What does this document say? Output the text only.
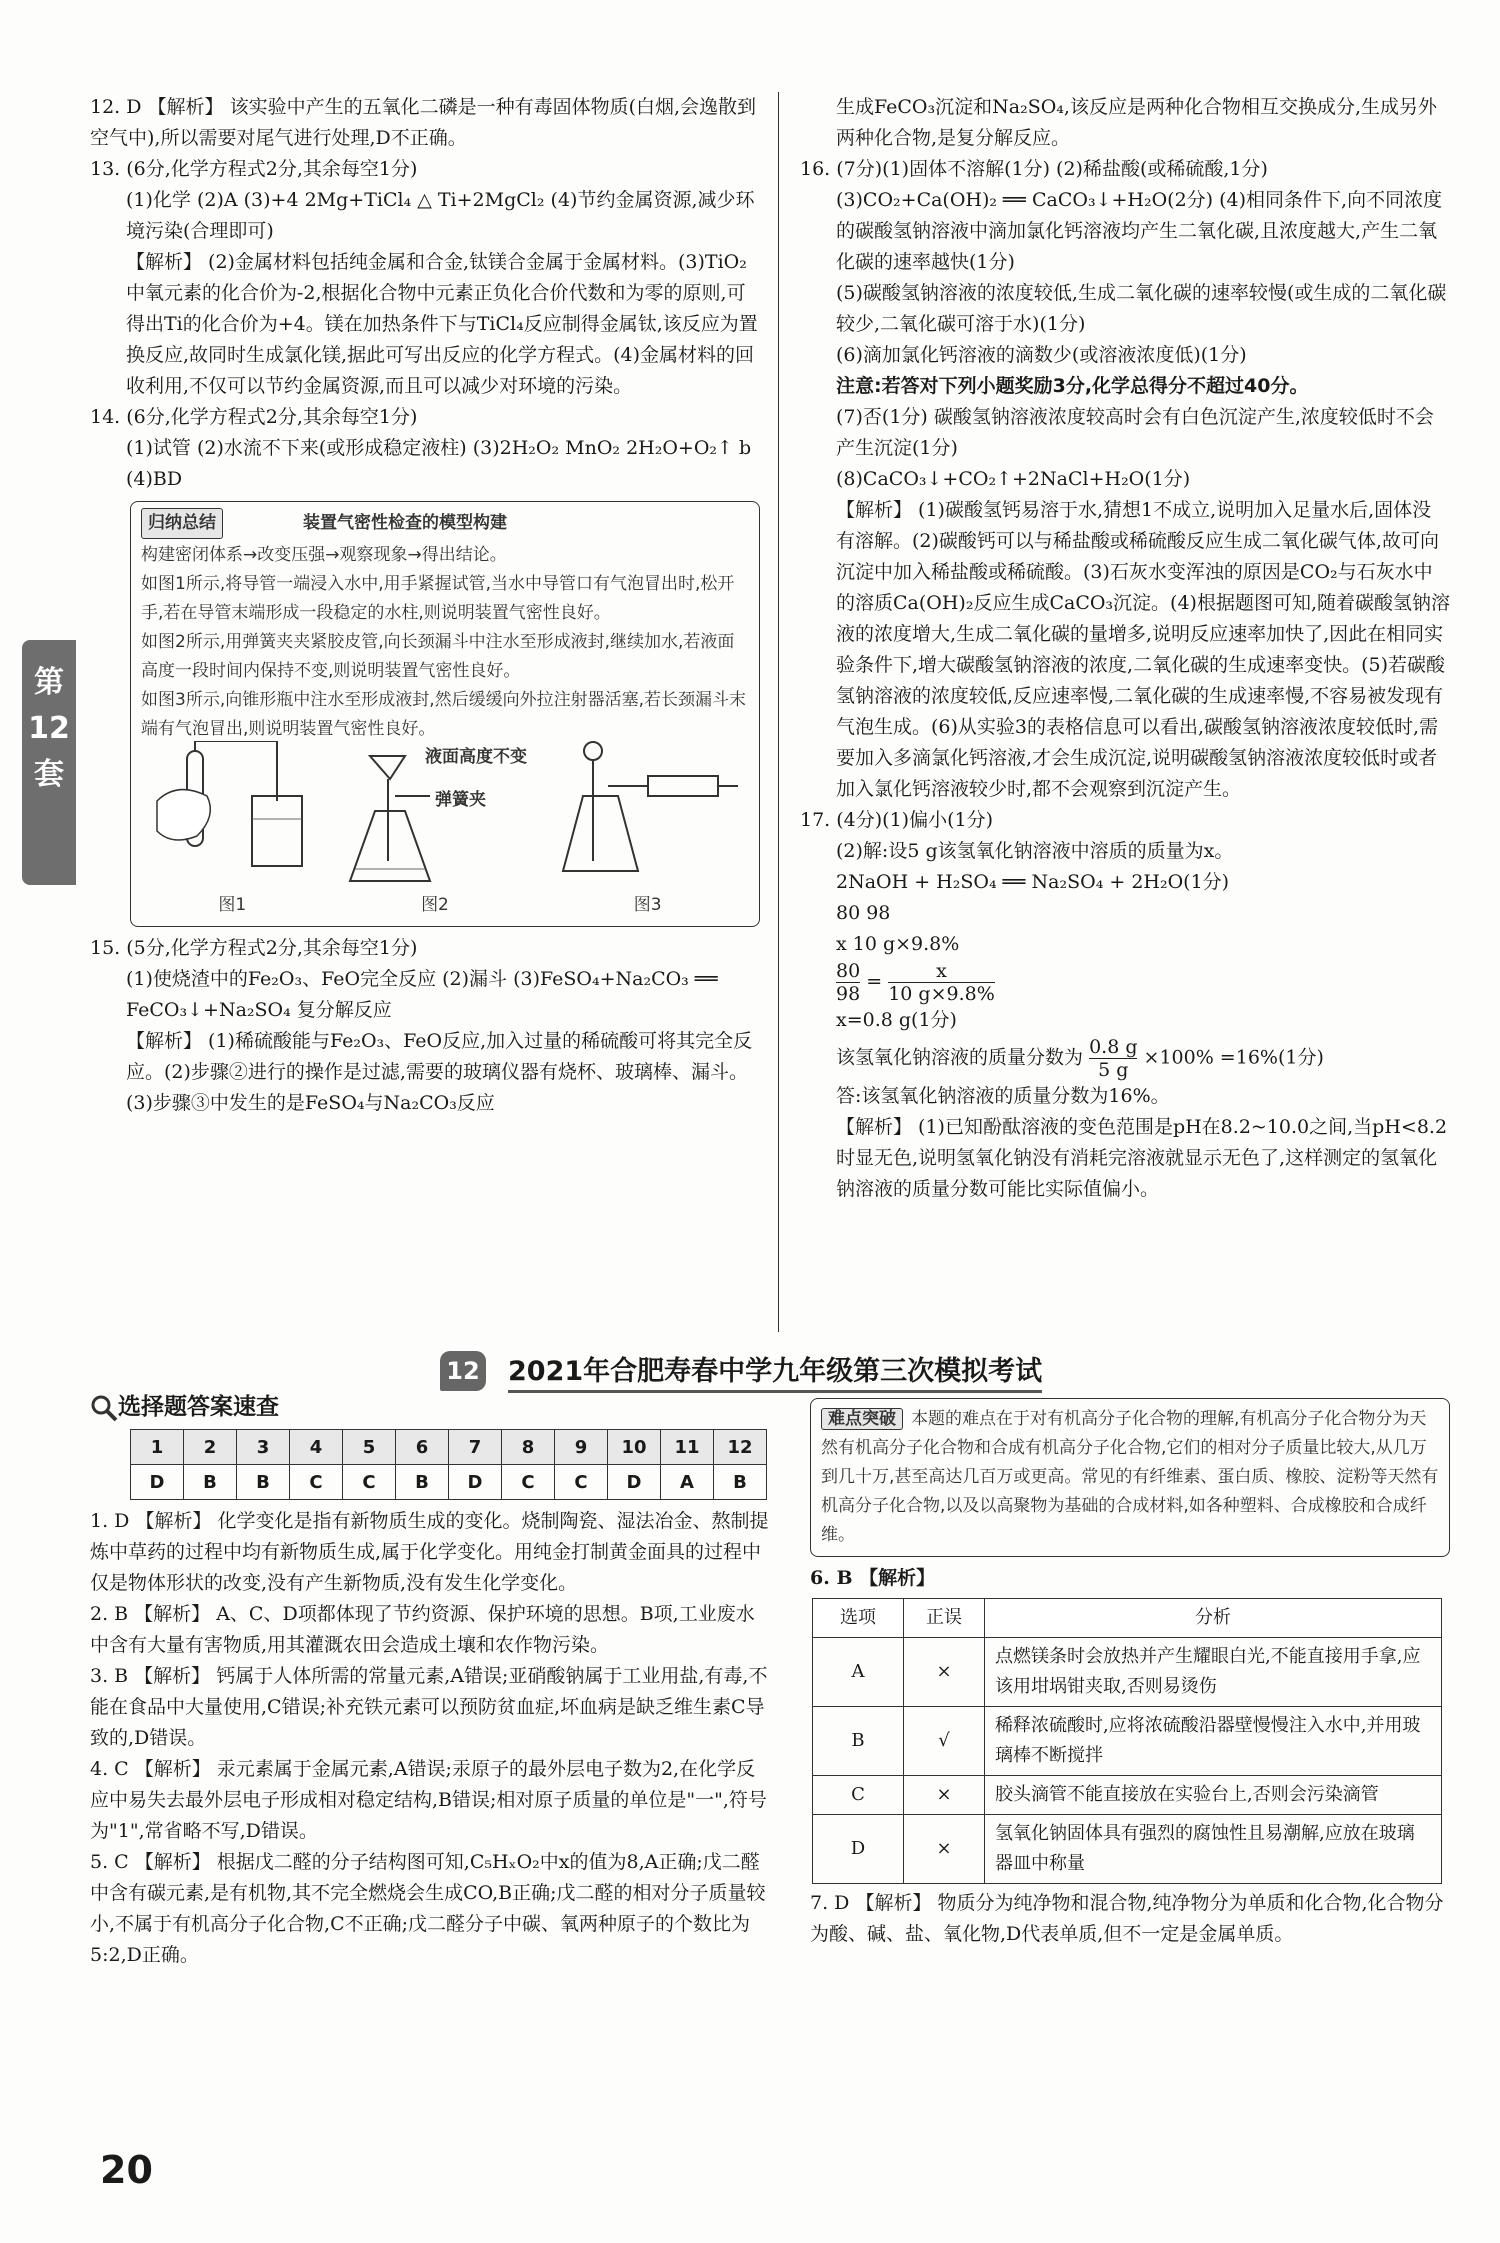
第
12
套

12. D 【解析】 该实验中产生的五氧化二磷是一种有毒固体物质(白烟,会逸散到空气中),所以需要对尾气进行处理,D不正确。

13. (6分,化学方程式2分,其余每空1分)

(1)化学 (2)A (3)+4 2Mg+TiCl₄ △ Ti+2MgCl₂ (4)节约金属资源,减少环境污染(合理即可)

【解析】 (2)金属材料包括纯金属和合金,钛镁合金属于金属材料。(3)TiO₂中氧元素的化合价为-2,根据化合物中元素正负化合价代数和为零的原则,可得出Ti的化合价为+4。镁在加热条件下与TiCl₄反应制得金属钛,该反应为置换反应,故同时生成氯化镁,据此可写出反应的化学方程式。(4)金属材料的回收利用,不仅可以节约金属资源,而且可以减少对环境的污染。

14. (6分,化学方程式2分,其余每空1分)

(1)试管 (2)水流不下来(或形成稳定液柱) (3)2H₂O₂ MnO₂ 2H₂O+O₂↑ b (4)BD

归纳总结	装置气密性检查的模型构建
构建密闭体系→改变压强→观察现象→得出结论。
如图1所示,将导管一端浸入水中,用手紧握试管,当水中导管口有气泡冒出时,松开手,若在导管末端形成一段稳定的水柱,则说明装置气密性良好。
如图2所示,用弹簧夹夹紧胶皮管,向长颈漏斗中注水至形成液封,继续加水,若液面高度一段时间内保持不变,则说明装置气密性良好。
如图3所示,向锥形瓶中注水至形成液封,然后缓缓向外拉注射器活塞,若长颈漏斗末端有气泡冒出,则说明装置气密性良好。
图1
液面高度不变
弹簧夹
图2	图3

15. (5分,化学方程式2分,其余每空1分)

(1)使烧渣中的Fe₂O₃、FeO完全反应 (2)漏斗 (3)FeSO₄+Na₂CO₃ ══ FeCO₃↓+Na₂SO₄ 复分解反应

【解析】 (1)稀硫酸能与Fe₂O₃、FeO反应,加入过量的稀硫酸可将其完全反应。(2)步骤②进行的操作是过滤,需要的玻璃仪器有烧杯、玻璃棒、漏斗。(3)步骤③中发生的是FeSO₄与Na₂CO₃反应

生成FeCO₃沉淀和Na₂SO₄,该反应是两种化合物相互交换成分,生成另外两种化合物,是复分解反应。

16. (7分)(1)固体不溶解(1分) (2)稀盐酸(或稀硫酸,1分)

(3)CO₂+Ca(OH)₂ ══ CaCO₃↓+H₂O(2分) (4)相同条件下,向不同浓度的碳酸氢钠溶液中滴加氯化钙溶液均产生二氧化碳,且浓度越大,产生二氧化碳的速率越快(1分)

(5)碳酸氢钠溶液的浓度较低,生成二氧化碳的速率较慢(或生成的二氧化碳较少,二氧化碳可溶于水)(1分)

(6)滴加氯化钙溶液的滴数少(或溶液浓度低)(1分)

注意:若答对下列小题奖励3分,化学总得分不超过40分。

(7)否(1分) 碳酸氢钠溶液浓度较高时会有白色沉淀产生,浓度较低时不会产生沉淀(1分)

(8)CaCO₃↓+CO₂↑+2NaCl+H₂O(1分)

【解析】 (1)碳酸氢钙易溶于水,猜想1不成立,说明加入足量水后,固体没有溶解。(2)碳酸钙可以与稀盐酸或稀硫酸反应生成二氧化碳气体,故可向沉淀中加入稀盐酸或稀硫酸。(3)石灰水变浑浊的原因是CO₂与石灰水中的溶质Ca(OH)₂反应生成CaCO₃沉淀。(4)根据题图可知,随着碳酸氢钠溶液的浓度增大,生成二氧化碳的量增多,说明反应速率加快了,因此在相同实验条件下,增大碳酸氢钠溶液的浓度,二氧化碳的生成速率变快。(5)若碳酸氢钠溶液的浓度较低,反应速率慢,二氧化碳的生成速率慢,不容易被发现有气泡生成。(6)从实验3的表格信息可以看出,碳酸氢钠溶液浓度较低时,需要加入多滴氯化钙溶液,才会生成沉淀,说明碳酸氢钠溶液浓度较低时或者加入氯化钙溶液较少时,都不会观察到沉淀产生。

17. (4分)(1)偏小(1分)

(2)解:设5 g该氢氧化钠溶液中溶质的质量为x。

2NaOH + H₂SO₄ ══ Na₂SO₄ + 2H₂O(1分)

80 98

x 10 g×9.8%

$\frac{80}{98} = \frac{x}{10 g\times 9.8\%}$

x=0.8 g(1分)

该氢氧化钠溶液的质量分数为 $\frac{0.8 g}{5 g} \times 100\% =16\%(1$分)

答:该氢氧化钠溶液的质量分数为16%。

【解析】 (1)已知酚酞溶液的变色范围是pH在8.2~10.0之间,当pH<8.2时显无色,说明氢氧化钠没有消耗完溶液就显示无色了,这样测定的氢氧化钠溶液的质量分数可能比实际值偏小。

12 2021年合肥寿春中学九年级第三次模拟考试
选择题答案速查
1	2	3	4	5	6	7	8	9	10	11	12
D	B	B	C	C	B	D	C	C	D	A	B

1. D 【解析】 化学变化是指有新物质生成的变化。烧制陶瓷、湿法冶金、熬制提炼中草药的过程中均有新物质生成,属于化学变化。用纯金打制黄金面具的过程中仅是物体形状的改变,没有产生新物质,没有发生化学变化。

2. B 【解析】 A、C、D项都体现了节约资源、保护环境的思想。B项,工业废水中含有大量有害物质,用其灌溉农田会造成土壤和农作物污染。

3. B 【解析】 钙属于人体所需的常量元素,A错误;亚硝酸钠属于工业用盐,有毒,不能在食品中大量使用,C错误;补充铁元素可以预防贫血症,坏血病是缺乏维生素C导致的,D错误。

4. C 【解析】 汞元素属于金属元素,A错误;汞原子的最外层电子数为2,在化学反应中易失去最外层电子形成相对稳定结构,B错误;相对原子质量的单位是"一",符号为"1",常省略不写,D错误。

5. C 【解析】 根据戊二醛的分子结构图可知,C₅HₓO₂中x的值为8,A正确;戊二醛中含有碳元素,是有机物,其不完全燃烧会生成CO,B正确;戊二醛的相对分子质量较小,不属于有机高分子化合物,C不正确;戊二醛分子中碳、氧两种原子的个数比为5:2,D正确。

难点突破 本题的难点在于对有机高分子化合物的理解,有机高分子化合物分为天然有机高分子化合物和合成有机高分子化合物,它们的相对分子质量比较大,从几万到几十万,甚至高达几百万或更高。常见的有纤维素、蛋白质、橡胶、淀粉等天然有机高分子化合物,以及以高聚物为基础的合成材料,如各种塑料、合成橡胶和合成纤维。

6. B 【解析】

选项	正误	分析
A	×	点燃镁条时会放热并产生耀眼白光,不能直接用手拿,应该用坩埚钳夹取,否则易烫伤
B	√	稀释浓硫酸时,应将浓硫酸沿器壁慢慢注入水中,并用玻璃棒不断搅拌
C	×	胶头滴管不能直接放在实验台上,否则会污染滴管
D	×	氢氧化钠固体具有强烈的腐蚀性且易潮解,应放在玻璃器皿中称量

7. D 【解析】 物质分为纯净物和混合物,纯净物分为单质和化合物,化合物分为酸、碱、盐、氧化物,D代表单质,但不一定是金属单质。

20
